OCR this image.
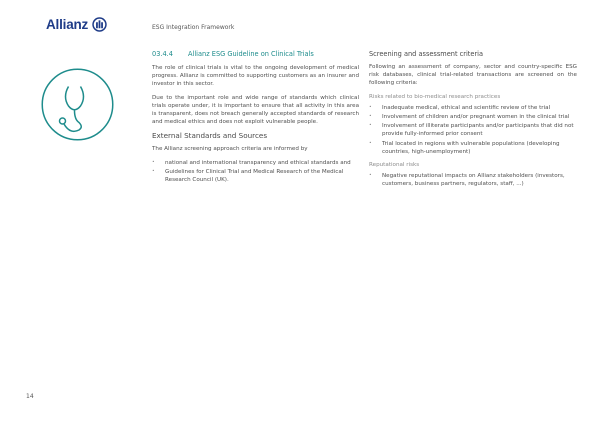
Allianz	ESG Integration Framework
03.4.4	Allianz ESG Guideline on Clinical Trials

The role of clinical trials is vital to the ongoing development of medical progress. Allianz is committed to supporting customers as an insurer and investor in this sector.

Due to the important role and wide range of standards which clinical trials operate under, it is important to ensure that all activity in this area is transparent, does not breach generally accepted standards of research and medical ethics and does not exploit vulnerable people.

External Standards and Sources

The Allianz screening approach criteria are informed by

• national and international transparency and ethical standards and
• Guidelines for Clinical Trial and Medical Research of the Medical Research Council (UK).
Screening and assessment criteria

Following an assessment of company, sector and country-specific ESG risk databases, clinical trial-related transactions are screened on the following criteria:

Risks related to bio-medical research practices
• Inadequate medical, ethical and scientific review of the trial
• Involvement of children and/or pregnant women in the clinical trial
• Involvement of illiterate participants and/or participants that did not provide fully-informed prior consent
• Trial located in regions with vulnerable populations (developing countries, high-unemployment)
Reputational risks
• Negative reputational impacts on Allianz stakeholders (investors, customers, business partners, regulators, staff, ...)
14
